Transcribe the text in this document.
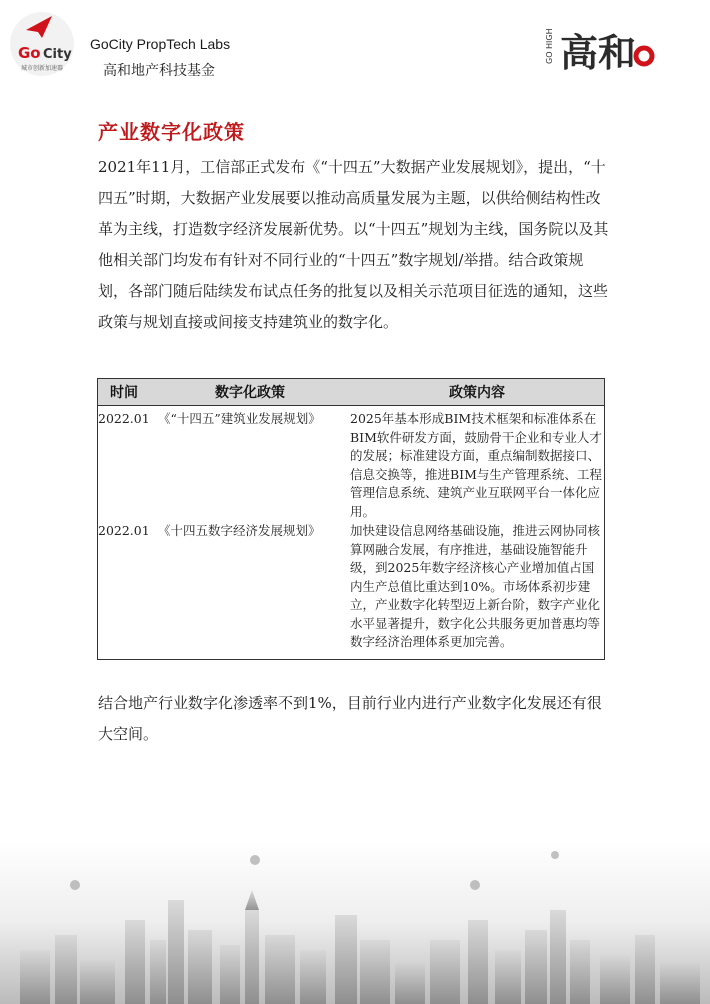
Go City
城市创新加速器
GoCity PropTech Labs
高和地产科技基金
GO HIGH 高和
产业数字化政策

2021年11月，工信部正式发布《“十四五”大数据产业发展规划》，提出，“十四五”时期，大数据产业发展要以推动高质量发展为主题，以供给侧结构性改革为主线，打造数字经济发展新优势。以“十四五”规划为主线，国务院以及其他相关部门均发布有针对不同行业的“十四五”数字规划/举措。结合政策规划，各部门随后陆续发布试点任务的批复以及相关示范项目征选的通知，这些政策与规划直接或间接支持建筑业的数字化。

时间	数字化政策	政策内容
2022.01 《“十四五”建筑业发展规划》	2025年基本形成BIM技术框架和标准体系在BIM软件研发方面，鼓励骨干企业和专业人才的发展；标准建设方面，重点编制数据接口、信息交换等，推进BIM与生产管理系统、工程管理信息系统、建筑产业互联网平台一体化应用。
2022.01 《十四五数字经济发展规划》	加快建设信息网络基础设施，推进云网协同核算网融合发展，有序推进，基础设施智能升级，到2025年数字经济核心产业增加值占国内生产总值比重达到10%。市场体系初步建立，产业数字化转型迈上新台阶，数字产业化水平显著提升，数字化公共服务更加普惠均等数字经济治理体系更加完善。

结合地产行业数字化渗透率不到1%，目前行业内进行产业数字化发展还有很大空间。
